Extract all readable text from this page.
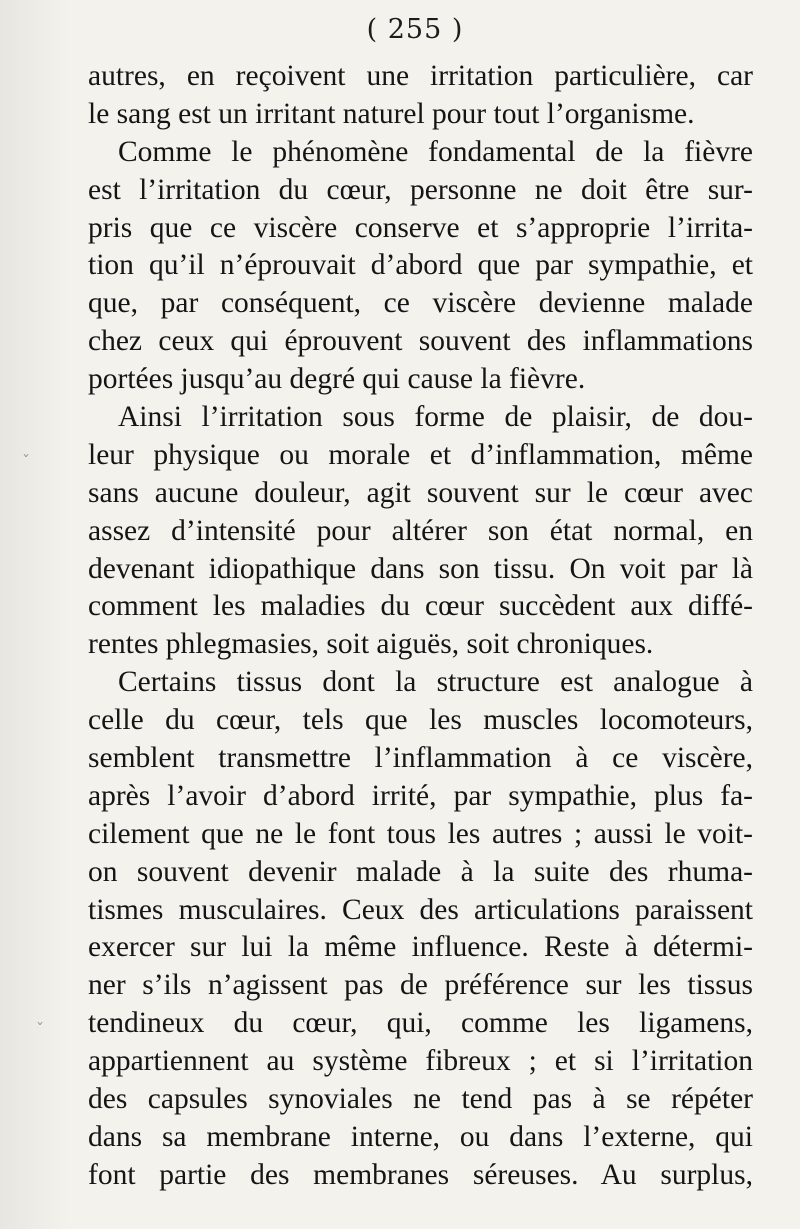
( 255 )
autres, en reçoivent une irritation particulière, car
le sang est un irritant naturel pour tout l’organisme.
Comme le phénomène fondamental de la fièvre
est l’irritation du cœur, personne ne doit être sur-
pris que ce viscère conserve et s’approprie l’irrita-
tion qu’il n’éprouvait d’abord que par sympathie, et
que, par conséquent, ce viscère devienne malade
chez ceux qui éprouvent souvent des inflammations
portées jusqu’au degré qui cause la fièvre.
Ainsi l’irritation sous forme de plaisir, de dou-
leur physique ou morale et d’inflammation, même
sans aucune douleur, agit souvent sur le cœur avec
assez d’intensité pour altérer son état normal, en
devenant idiopathique dans son tissu. On voit par là
comment les maladies du cœur succèdent aux diffé-
rentes phlegmasies, soit aiguës, soit chroniques.
Certains tissus dont la structure est analogue à
celle du cœur, tels que les muscles locomoteurs,
semblent transmettre l’inflammation à ce viscère,
après l’avoir d’abord irrité, par sympathie, plus fa-
cilement que ne le font tous les autres ; aussi le voit-
on souvent devenir malade à la suite des rhuma-
tismes musculaires. Ceux des articulations paraissent
exercer sur lui la même influence. Reste à détermi-
ner s’ils n’agissent pas de préférence sur les tissus
tendineux du cœur, qui, comme les ligamens,
appartiennent au système fibreux ; et si l’irritation
des capsules synoviales ne tend pas à se répéter
dans sa membrane interne, ou dans l’externe, qui
font partie des membranes séreuses. Au surplus,
ˇ
ˇ
